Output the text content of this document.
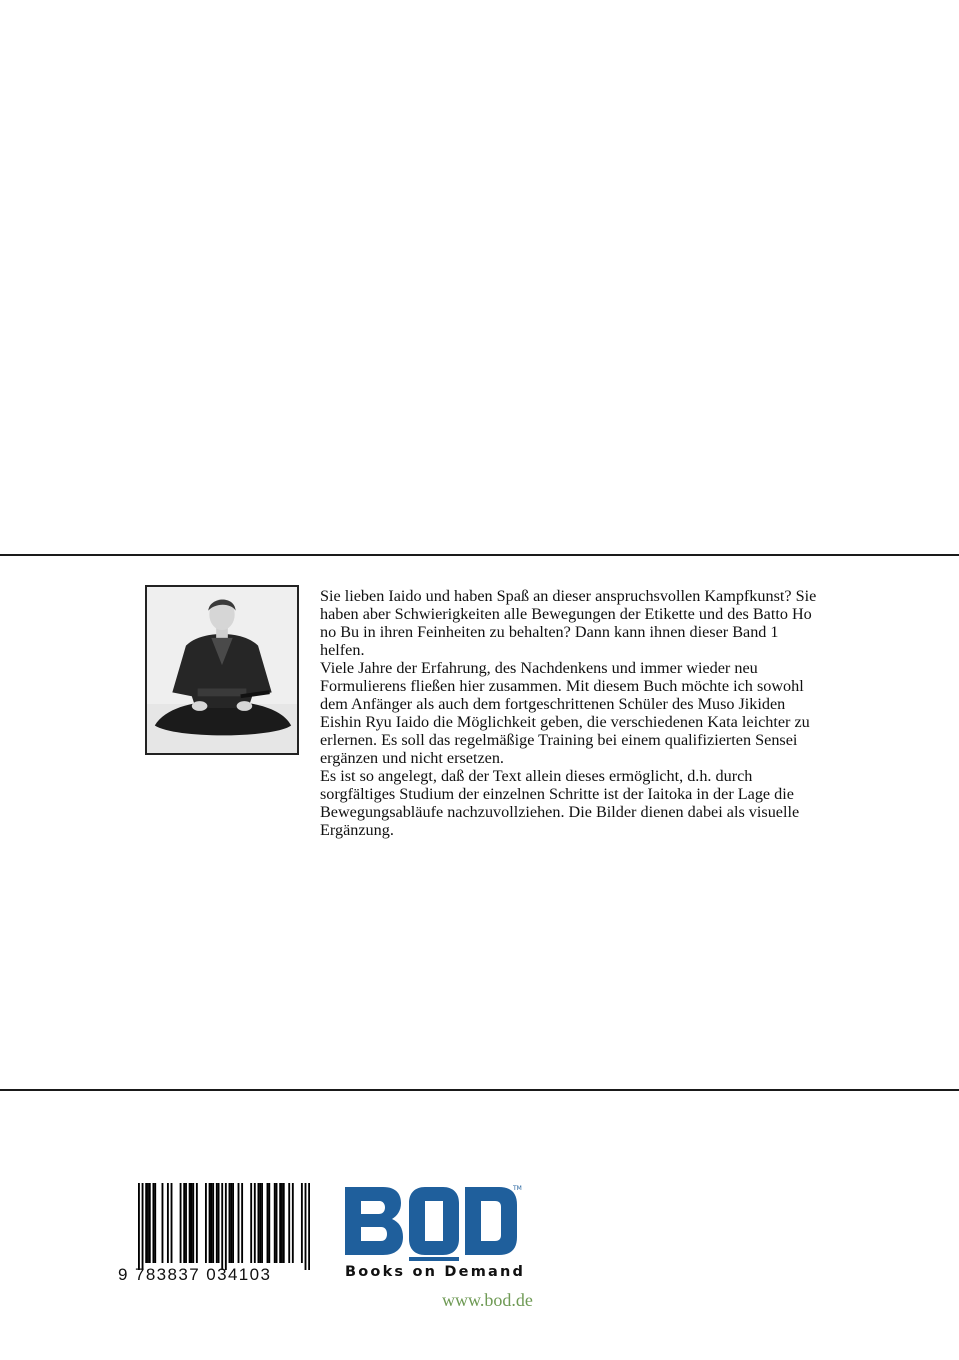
Sie lieben Iaido und haben Spaß an dieser anspruchsvollen Kampfkunst? Sie haben aber Schwierigkeiten alle Bewegungen der Etikette und des Batto Ho no Bu in ihren Feinheiten zu behalten? Dann kann ihnen dieser Band 1 helfen.

Viele Jahre der Erfahrung, des Nachdenkens und immer wieder neu Formulierens fließen hier zusammen. Mit diesem Buch möchte ich sowohl dem Anfänger als auch dem fortgeschrittenen Schüler des Muso Jikiden Eishin Ryu Iaido die Möglichkeit geben, die verschiedenen Kata leichter zu erlernen. Es soll das regelmäßige Training bei einem qualifizierten Sensei ergänzen und nicht ersetzen.

Es ist so angelegt, daß der Text allein dieses ermöglicht, d.h. durch sorgfältiges Studium der einzelnen Schritte ist der Iaitoka in der Lage die Bewegungsabläufe nachzuvollziehen. Die Bilder dienen dabei als visuelle Ergänzung.

9 783837 034103
TM
Books on Demand
www.bod.de
